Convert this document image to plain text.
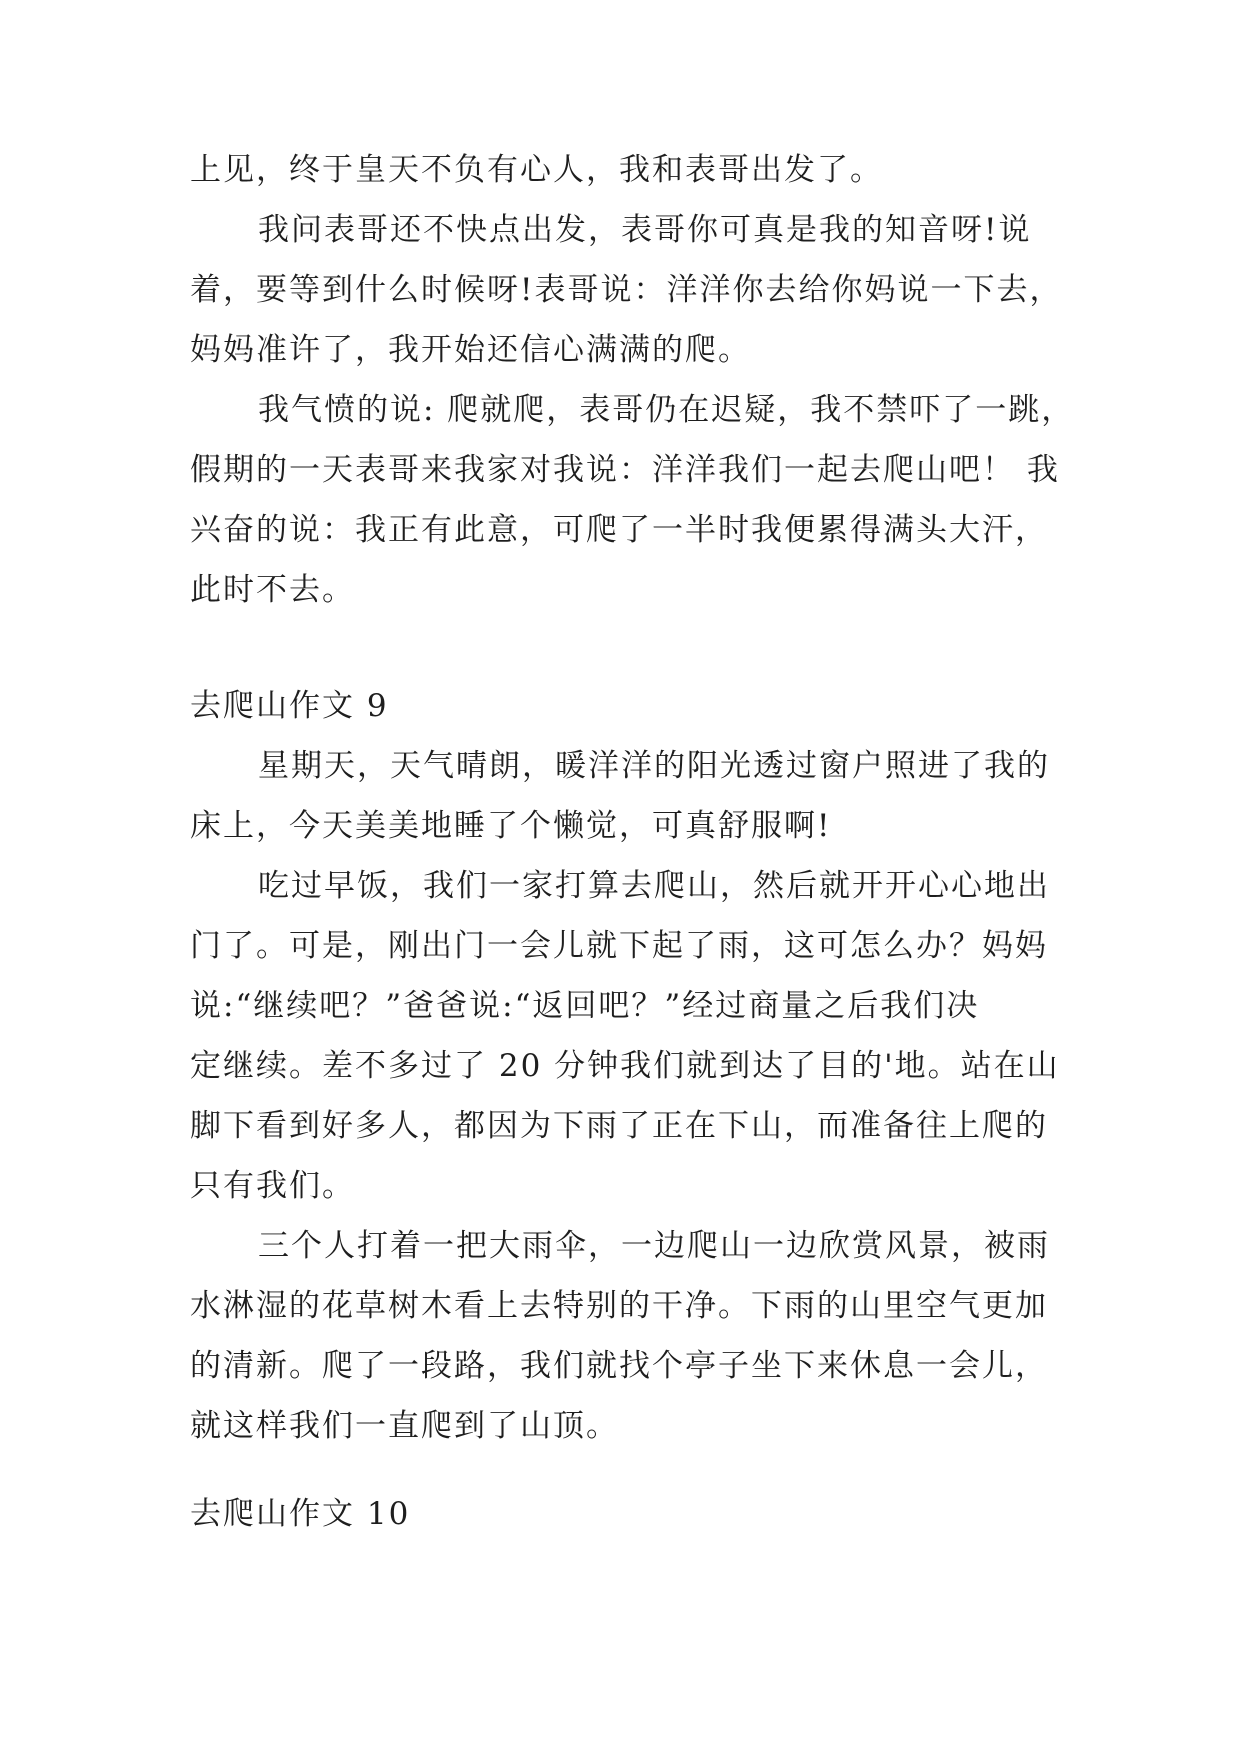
上见，终于皇天不负有心人，我和表哥出发了。
我问表哥还不快点出发，表哥你可真是我的知音呀!说
着，要等到什么时候呀!表哥说：洋洋你去给你妈说一下去，
妈妈准许了，我开始还信心满满的爬。
我气愤的说: 爬就爬，表哥仍在迟疑，我不禁吓了一跳，
假期的一天表哥来我家对我说：洋洋我们一起去爬山吧！ 我
兴奋的说：我正有此意，可爬了一半时我便累得满头大汗，
此时不去。
去爬山作文 9
星期天，天气晴朗，暖洋洋的阳光透过窗户照进了我的
床上，今天美美地睡了个懒觉，可真舒服啊!
吃过早饭，我们一家打算去爬山，然后就开开心心地出
门了。可是，刚出门一会儿就下起了雨，这可怎么办？妈妈
说:“继续吧？”爸爸说:“返回吧？”经过商量之后我们决
定继续。差不多过了 20 分钟我们就到达了目的'地。站在山
脚下看到好多人，都因为下雨了正在下山，而准备往上爬的
只有我们。
三个人打着一把大雨伞，一边爬山一边欣赏风景，被雨
水淋湿的花草树木看上去特别的干净。下雨的山里空气更加
的清新。爬了一段路，我们就找个亭子坐下来休息一会儿，
就这样我们一直爬到了山顶。
去爬山作文 10
